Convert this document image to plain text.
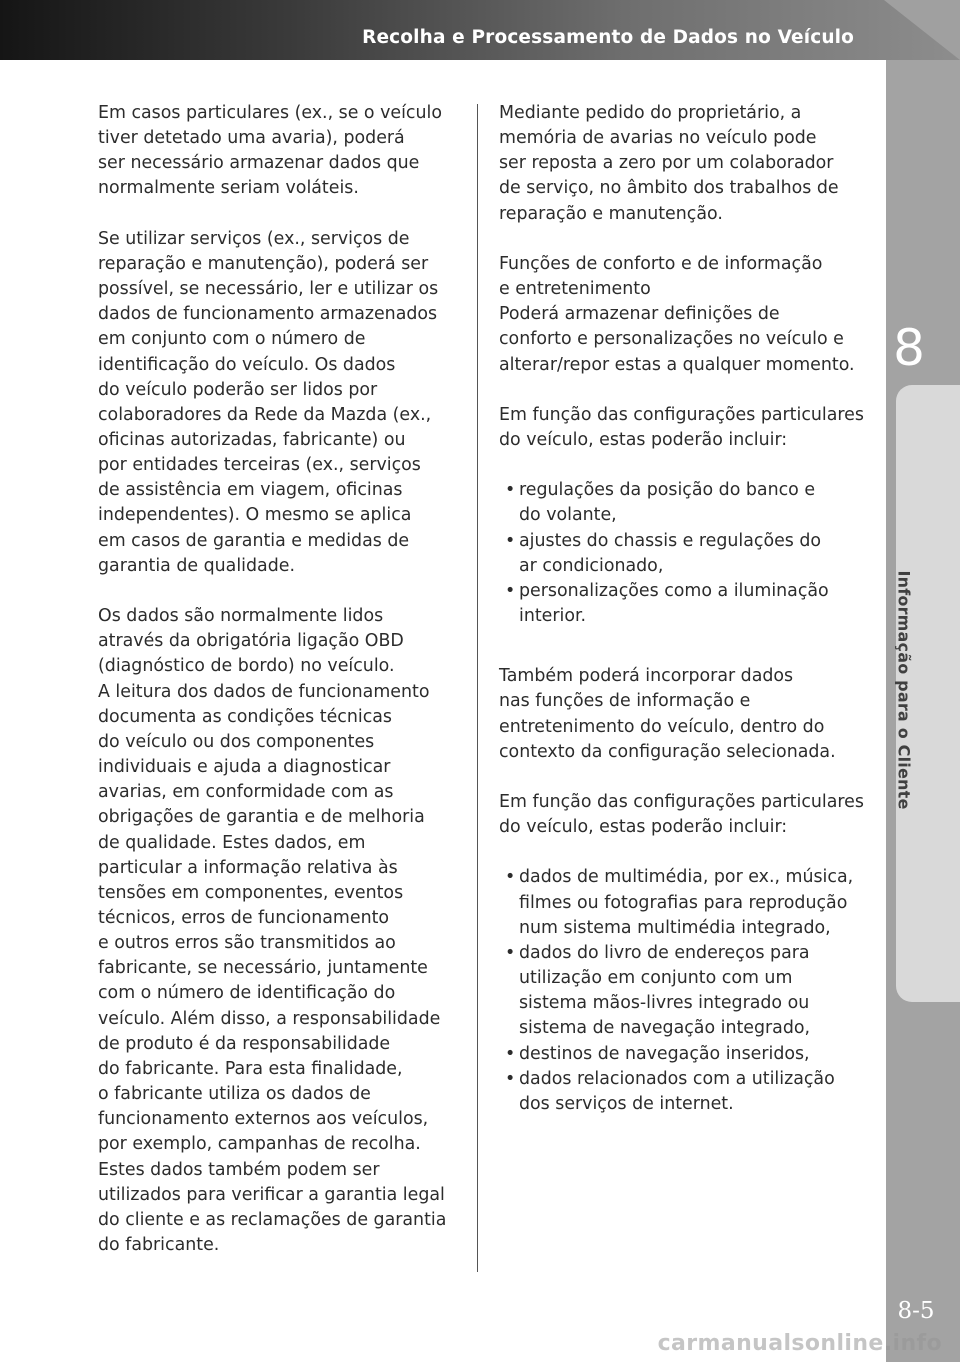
Recolha e Processamento de Dados no Veículo
8
Informação para o Cliente
Em casos particulares (ex., se o veículo
tiver detetado uma avaria), poderá
ser necessário armazenar dados que
normalmente seriam voláteis.
Se utilizar serviços (ex., serviços de
reparação e manutenção), poderá ser
possível, se necessário, ler e utilizar os
dados de funcionamento armazenados
em conjunto com o número de
identificação do veículo. Os dados
do veículo poderão ser lidos por
colaboradores da Rede da Mazda (ex.,
oficinas autorizadas, fabricante) ou
por entidades terceiras (ex., serviços
de assistência em viagem, oficinas
independentes). O mesmo se aplica
em casos de garantia e medidas de
garantia de qualidade.
Os dados são normalmente lidos
através da obrigatória ligação OBD
(diagnóstico de bordo) no veículo.
A leitura dos dados de funcionamento
documenta as condições técnicas
do veículo ou dos componentes
individuais e ajuda a diagnosticar
avarias, em conformidade com as
obrigações de garantia e de melhoria
de qualidade. Estes dados, em
particular a informação relativa às
tensões em componentes, eventos
técnicos, erros de funcionamento
e outros erros são transmitidos ao
fabricante, se necessário, juntamente
com o número de identificação do
veículo. Além disso, a responsabilidade
de produto é da responsabilidade
do fabricante. Para esta finalidade,
o fabricante utiliza os dados de
funcionamento externos aos veículos,
por exemplo, campanhas de recolha.
Estes dados também podem ser
utilizados para verificar a garantia legal
do cliente e as reclamações de garantia
do fabricante.
Mediante pedido do proprietário, a
memória de avarias no veículo pode
ser reposta a zero por um colaborador
de serviço, no âmbito dos trabalhos de
reparação e manutenção.
Funções de conforto e de informação
e entretenimento
Poderá armazenar definições de
conforto e personalizações no veículo e
alterar/repor estas a qualquer momento.
Em função das configurações particulares
do veículo, estas poderão incluir:
• regulações da posição do banco e
do volante,
• ajustes do chassis e regulações do
ar condicionado,
• personalizações como a iluminação
interior.
Também poderá incorporar dados
nas funções de informação e
entretenimento do veículo, dentro do
contexto da configuração selecionada.
Em função das configurações particulares
do veículo, estas poderão incluir:
• dados de multimédia, por ex., música,
filmes ou fotografias para reprodução
num sistema multimédia integrado,
• dados do livro de endereços para
utilização em conjunto com um
sistema mãos-livres integrado ou
sistema de navegação integrado,
• destinos de navegação inseridos,
• dados relacionados com a utilização
dos serviços de internet.
8-5
carmanualsonline.info
